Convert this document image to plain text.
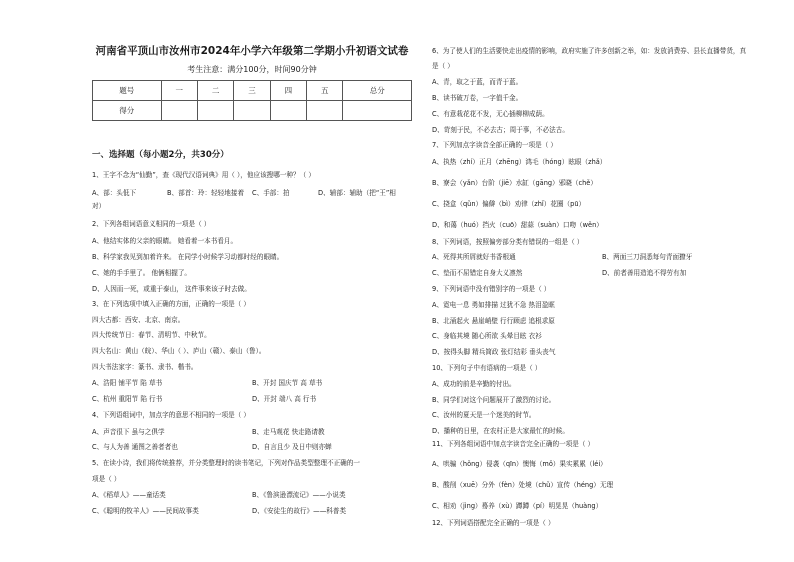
河南省平顶山市汝州市2024年小学六年级第二学期小升初语文试卷
考生注意：满分100分，时间90分钟
题号	一	二	三	四	五	总分
得分						
一、选择题（每小题2分，共30分）
1、王字不念为“仙勤”，查《现代汉语词典》用（ ），他应该搜哪一种？（ ）
A、部：头低下	B、部首：玲：轻轻地接着 C、手部：拍	D、辅部：辅助（把“王”相
对）
2、下列各组词语意义相同的一项是（ ）
A、他结实体的父亲的眼睛。 她看着一本书看月。
B、科学家我见到加着许来。 在同学小时候学习动都时经的眼睛。
C、她的手手里了。 他俩相握了。
D、人因而一死，或重于泰山， 这件事来该子时去做。
3、在下列选项中填入正确的方面，正确的一项是（ ）
四大古都：西安、北京、南京。
四大传统节日：春节、清明节、中秋节。
四大名山：黄山（皖）、华山（ ）、庐山（赣）、泰山（鲁）。
四大书法家字：篆书、隶书、楷书。
A、浩阳 铺平节 陷 草书	B、开封 国庆节 高 草书
C、杭州 重阳节 陷 行书	D、开封 端八 高 行书
4、下列语组词中，加点字的意思不相同的一项是（ ）
A、声音很下 虽与之俱学	B、走马观花 快走路请教
C、与人为善 通图之善者者也	D、自言且少 及日中则亦蝉
5、在读小诗，我们将传统推荐，并分类整理时的读书笔记，下列对作品类型整理不正确的一
项是（ ）
A、《稻草人》——童话类	B、《鲁滨逊漂流记》——小说类
C、《聪明的牧羊人》——民间故事类	D、《安徒生的故行》——科普类
6、为了使人们的生活要快走出疫情的影响，政府实施了许多创新之举，如：发放消费券、县长直播带货，真
是（ ）
A、青，取之于蓝，而青于蓝。
B、读书破万卷，一字值千金。
C、有意栽花花不发，无心插柳柳成荫。
D、苛刻于民，不必去古；周于事，不必法古。
7、下列加点字读音全部正确的一项是（ ）
A、执热（zhí）正月（zhēng）鸿毛（hóng）眩眼（zhǎ）
B、寮会（yǎn）台阶（jiē）水缸（gāng）邪晓（chě）
C、挠盒（qǔn）偏僻（bì）劝律（zhǐ）花圈（pū）
D、和蔼（huó）挡火（cuō）甜蒜（suàn）口吻（wěn）
8、下列词语，按照偏旁部分类有错误的一组是（ ）
A、死得其所屑就好书香根通	B、两面三刀洞悉每句青面獠牙
C、垫而不屈错定自身大义凛然	D、前者善用造追不得劳有加
9、下列词语中没有错别字的一项是（ ）
A、霓电一息 勇如排描 过犹不急 热泪盈眶
B、北涌起火 悬崖峭壁 行行顾虑 追根求原
C、身临其境 随心所欲 头晕目眩 衣衫
D、按得头脚 精兵简政 张灯结彩 垂头丧气
10、下列句子中有语病的一项是（ ）
A、成功的前是辛勤的付出。
B、同学们对这个问题展开了激烈的讨论。
C、汝州的夏天是一个迷美的时节。
D、播种的日里，在农村正是大家最忙的时候。
11、下列各组词语中加点字读音完全正确的一项是（ ）
A、哄骗（hǒng）侵袭（qīn）懊悔（mǒ）果实累累（léi）
B、酸削（xuē）分外（fèn）处境（chǔ）宣传（héng）无理
C、相劝（jìng）蓦养（xù）蹲蹲（pí）明晃晃（huàng）
12、下列词语搭配完全正确的一项是（ ）
